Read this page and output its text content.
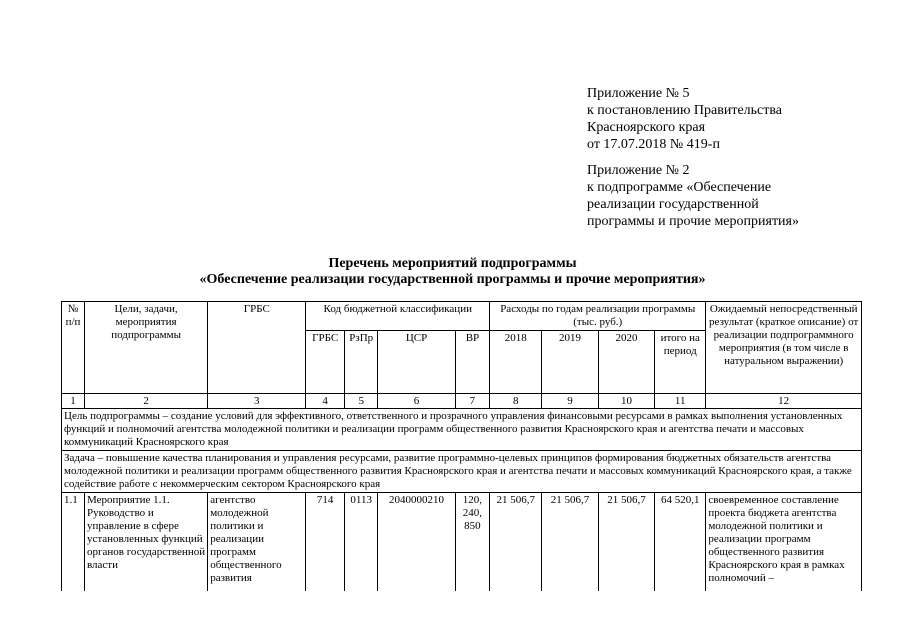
Приложение № 5
к постановлению Правительства
Красноярского края
от 17.07.2018 № 419-п
Приложение № 2
к подпрограмме «Обеспечение
реализации государственной
программы и прочие мероприятия»
Перечень мероприятий подпрограммы
«Обеспечение реализации государственной программы и прочие мероприятия»
№ п/п	Цели, задачи, мероприятия подпрограммы	ГРБС	Код бюджетной классификации				Расходы по годам реализации программы (тыс. руб.)				Ожидаемый непосредственный результат (краткое описание) от реализации подпрограммного мероприятия (в том числе в натуральном выражении)
			ГРБС	РзПр	ЦСР	ВР	2018	2019	2020	итого на период	
1	2	3	4	5	6	7	8	9	10	11	12
Цель подпрограммы – создание условий для эффективного, ответственного и прозрачного управления финансовыми ресурсами в рамках выполнения установленных функций и полномочий агентства молодежной политики и реализации программ общественного развития Красноярского края и агентства печати и массовых коммуникаций Красноярского края											
Задача – повышение качества планирования и управления ресурсами, развитие программно-целевых принципов формирования бюджетных обязательств агентства молодежной политики и реализации программ общественного развития Красноярского края и агентства печати и массовых коммуникаций Красноярского края, а также содействие работе с некоммерческим сектором Красноярского края											
1.1	Мероприятие 1.1. Руководство и управление в сфере установленных функций органов государственной власти	агентство молодежной политики и реализации программ общественного развития	714	0113	2040000210	120, 240, 850	21 506,7	21 506,7	21 506,7	64 520,1	своевременное составление проекта бюджета агентства молодежной политики и реализации программ общественного развития Красноярского края в рамках полномочий –
